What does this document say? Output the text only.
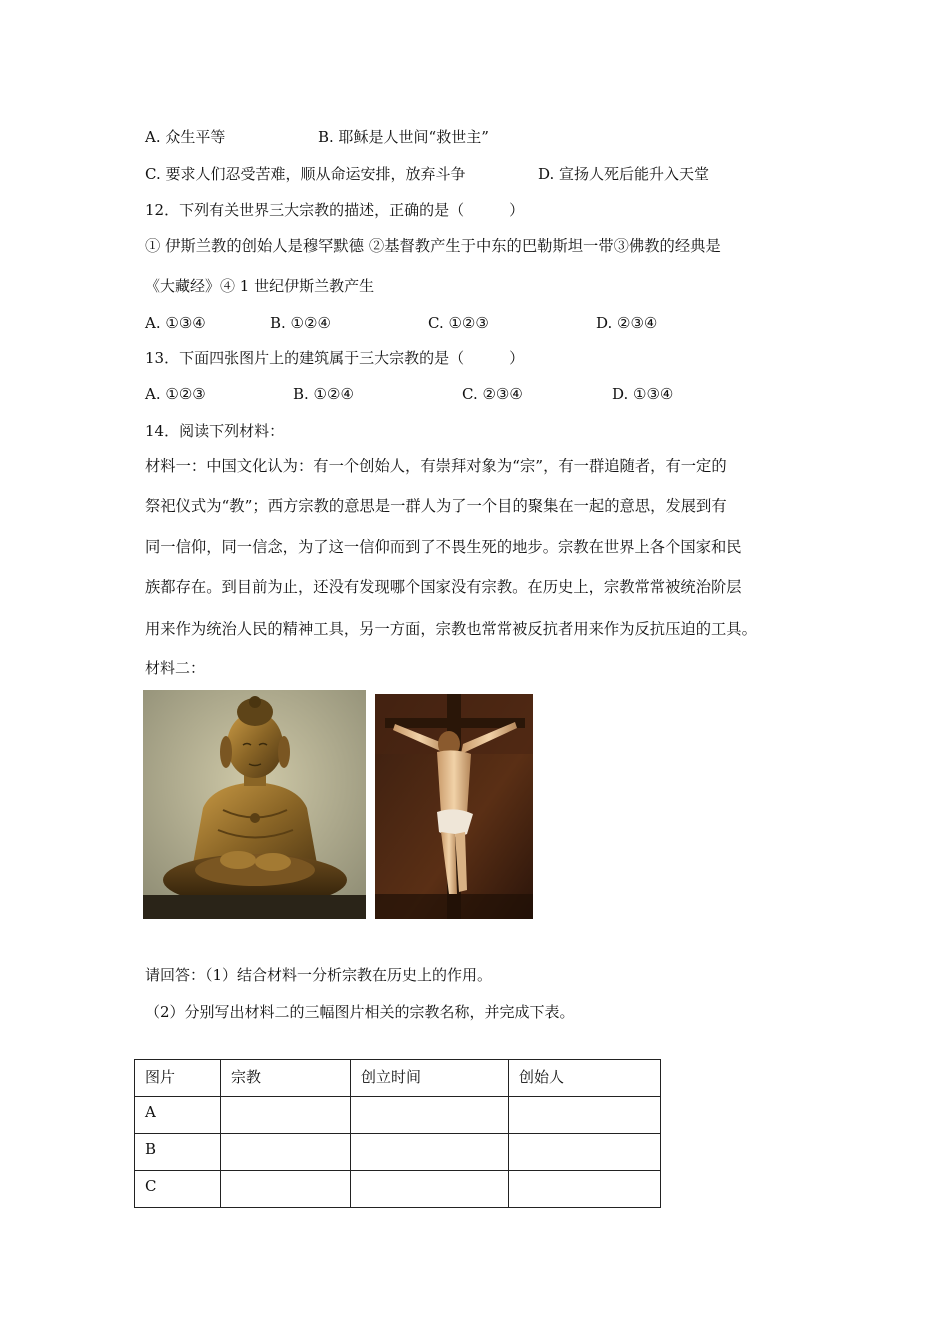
A. 众生平等	B. 耶稣是人世间“救世主”
C. 要求人们忍受苦难，顺从命运安排，放弃斗争	D. 宣扬人死后能升入天堂
12．下列有关世界三大宗教的描述，正确的是（　　　）
① 伊斯兰教的创始人是穆罕默德 ②基督教产生于中东的巴勒斯坦一带③佛教的经典是
《大藏经》④ 1 世纪伊斯兰教产生
A. ①③④	B. ①②④	C. ①②③	D. ②③④
13．下面四张图片上的建筑属于三大宗教的是（　　　）
A. ①②③	B. ①②④	C. ②③④	D. ①③④
14．阅读下列材料：
材料一：中国文化认为：有一个创始人，有崇拜对象为“宗”，有一群追随者，有一定的
祭祀仪式为“教”；西方宗教的意思是一群人为了一个目的聚集在一起的意思，发展到有
同一信仰，同一信念，为了这一信仰而到了不畏生死的地步。宗教在世界上各个国家和民
族都存在。到目前为止，还没有发现哪个国家没有宗教。在历史上，宗教常常被统治阶层
用来作为统治人民的精神工具，另一方面，宗教也常常被反抗者用来作为反抗压迫的工具。
材料二：
请回答：（1）结合材料一分析宗教在历史上的作用。
（2）分别写出材料二的三幅图片相关的宗教名称，并完成下表。
图片	宗教	创立时间	创始人
A			
B			
C			
